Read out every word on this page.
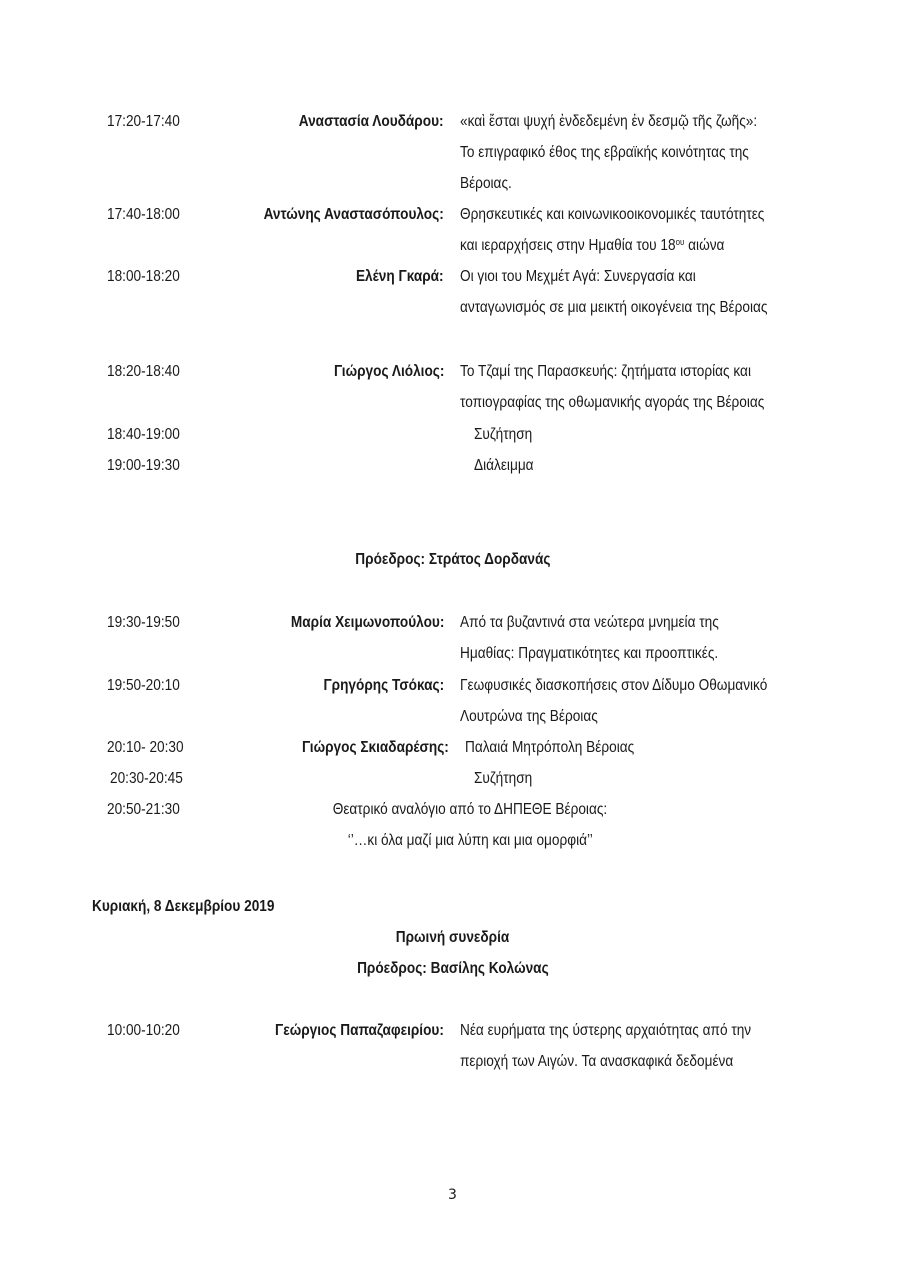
17:20-17:40	Αναστασία Λουδάρου: «καὶ ἔσται ψυχή ἐνδεδεμένη ἐν δεσμῷ τῆς ζωῆς»:
Το επιγραφικό έθος της εβραϊκής κοινότητας της
Βέροιας.
17:40-18:00	Αντώνης Αναστασόπουλος: Θρησκευτικές και κοινωνικοοικονομικές ταυτότητες
και ιεραρχήσεις στην Ημαθία του $18^{o\upsilon}$ αιώνα
18:00-18:20	Ελένη Γκαρά: Οι γιοι του Μεχμέτ Αγά: Συνεργασία και
ανταγωνισμός σε μια μεικτή οικογένεια της Βέροιας
18:20-18:40	Γιώργος Λιόλιος: Το Τζαμί της Παρασκευής: ζητήματα ιστορίας και
τοπιογραφίας της οθωμανικής αγοράς της Βέροιας
18:40-19:00	Συζήτηση
19:00-19:30	Διάλειμμα
Πρόεδρος: Στράτος Δορδανάς
19:30-19:50	Μαρία Χειμωνοπούλου: Από τα βυζαντινά στα νεώτερα μνημεία της
Ημαθίας: Πραγματικότητες και προοπτικές.
19:50-20:10	Γρηγόρης Τσόκας: Γεωφυσικές διασκοπήσεις στον Δίδυμο Οθωμανικό
Λουτρώνα της Βέροιας
20:10- 20:30	Γιώργος Σκιαδαρέσης: Παλαιά Μητρόπολη Βέροιας
20:30-20:45	Συζήτηση
20:50-21:30	Θεατρικό αναλόγιο από το ΔΗΠΕΘΕ Βέροιας:
‘’…κι όλα μαζί μια λύπη και μια ομορφιά’’
Κυριακή, 8 Δεκεμβρίου 2019
Πρωινή συνεδρία
Πρόεδρος: Βασίλης Κολώνας
10:00-10:20	Γεώργιος Παπαζαφειρίου: Νέα ευρήματα της ύστερης αρχαιότητας από την
περιοχή των Αιγών. Τα ανασκαφικά δεδομένα
3
